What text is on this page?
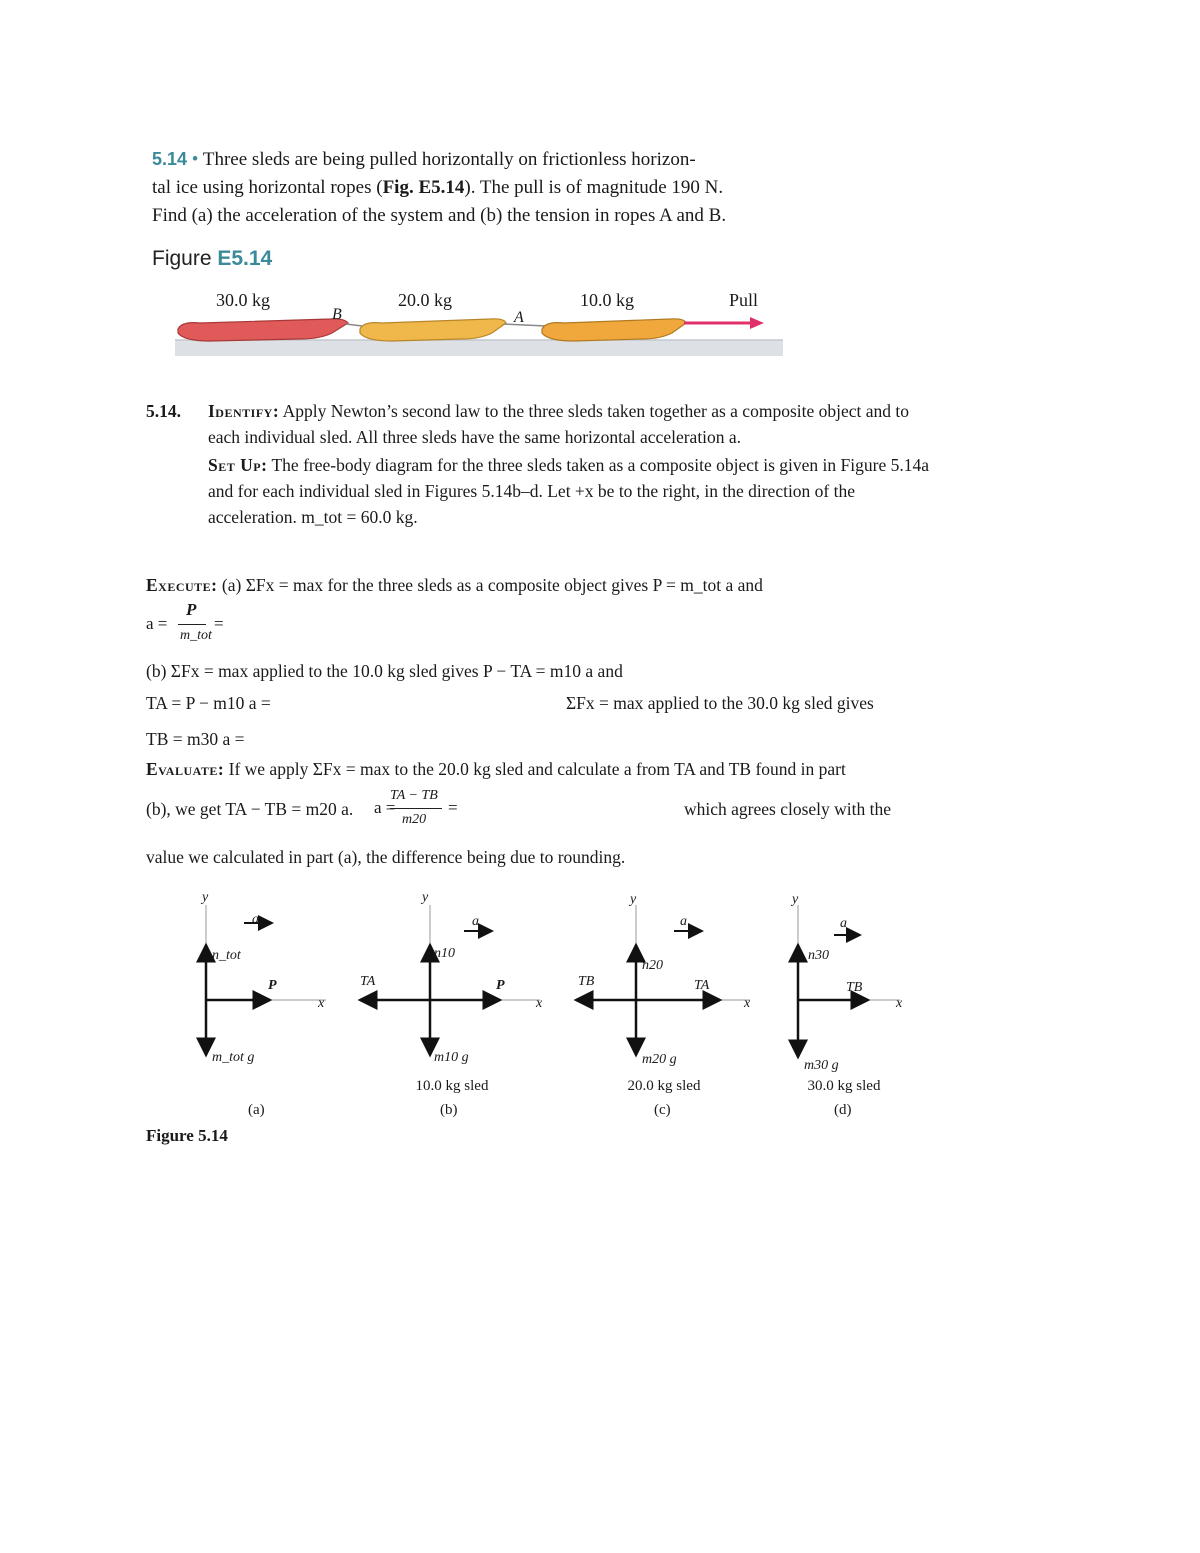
5.14 • Three sleds are being pulled horizontally on frictionless horizon-
tal ice using horizontal ropes (Fig. E5.14). The pull is of magnitude 190 N.
Find (a) the acceleration of the system and (b) the tension in ropes A and B.
Figure E5.14
30.0 kg	20.0 kg	10.0 kg	Pull
B	A
5.14. Identify: Apply Newton’s second law to the three sleds taken together as a composite object and to
each individual sled. All three sleds have the same horizontal acceleration a.
Set Up: The free-body diagram for the three sleds taken as a composite object is given in Figure 5.14a
and for each individual sled in Figures 5.14b–d. Let +x be to the right, in the direction of the
acceleration. m_tot = 60.0 kg.
Execute: (a) ΣFx = max for the three sleds as a composite object gives P = m_tot a and
a =
P
m_tot
=
(b) ΣFx = max applied to the 10.0 kg sled gives P − TA = m10 a and
TA = P − m10 a =	ΣFx = max applied to the 30.0 kg sled gives
TB = m30 a =
Evaluate: If we apply ΣFx = max to the 20.0 kg sled and calculate a from TA and TB found in part
(b), we get TA − TB = m20 a. a =
TA − TB
m20
=	which agrees closely with the
value we calculated in part (a), the difference being due to rounding.
y
a
n_tot
P
x
m_tot g
(a)
y
a
n10
TA	P
x
m10 g
10.0 kg sled
(b)
y
a
n20
TB	TA
x
m20 g
20.0 kg sled
(c)
y
a
n30
TB
x
m30 g
30.0 kg sled
(d)
Figure 5.14
